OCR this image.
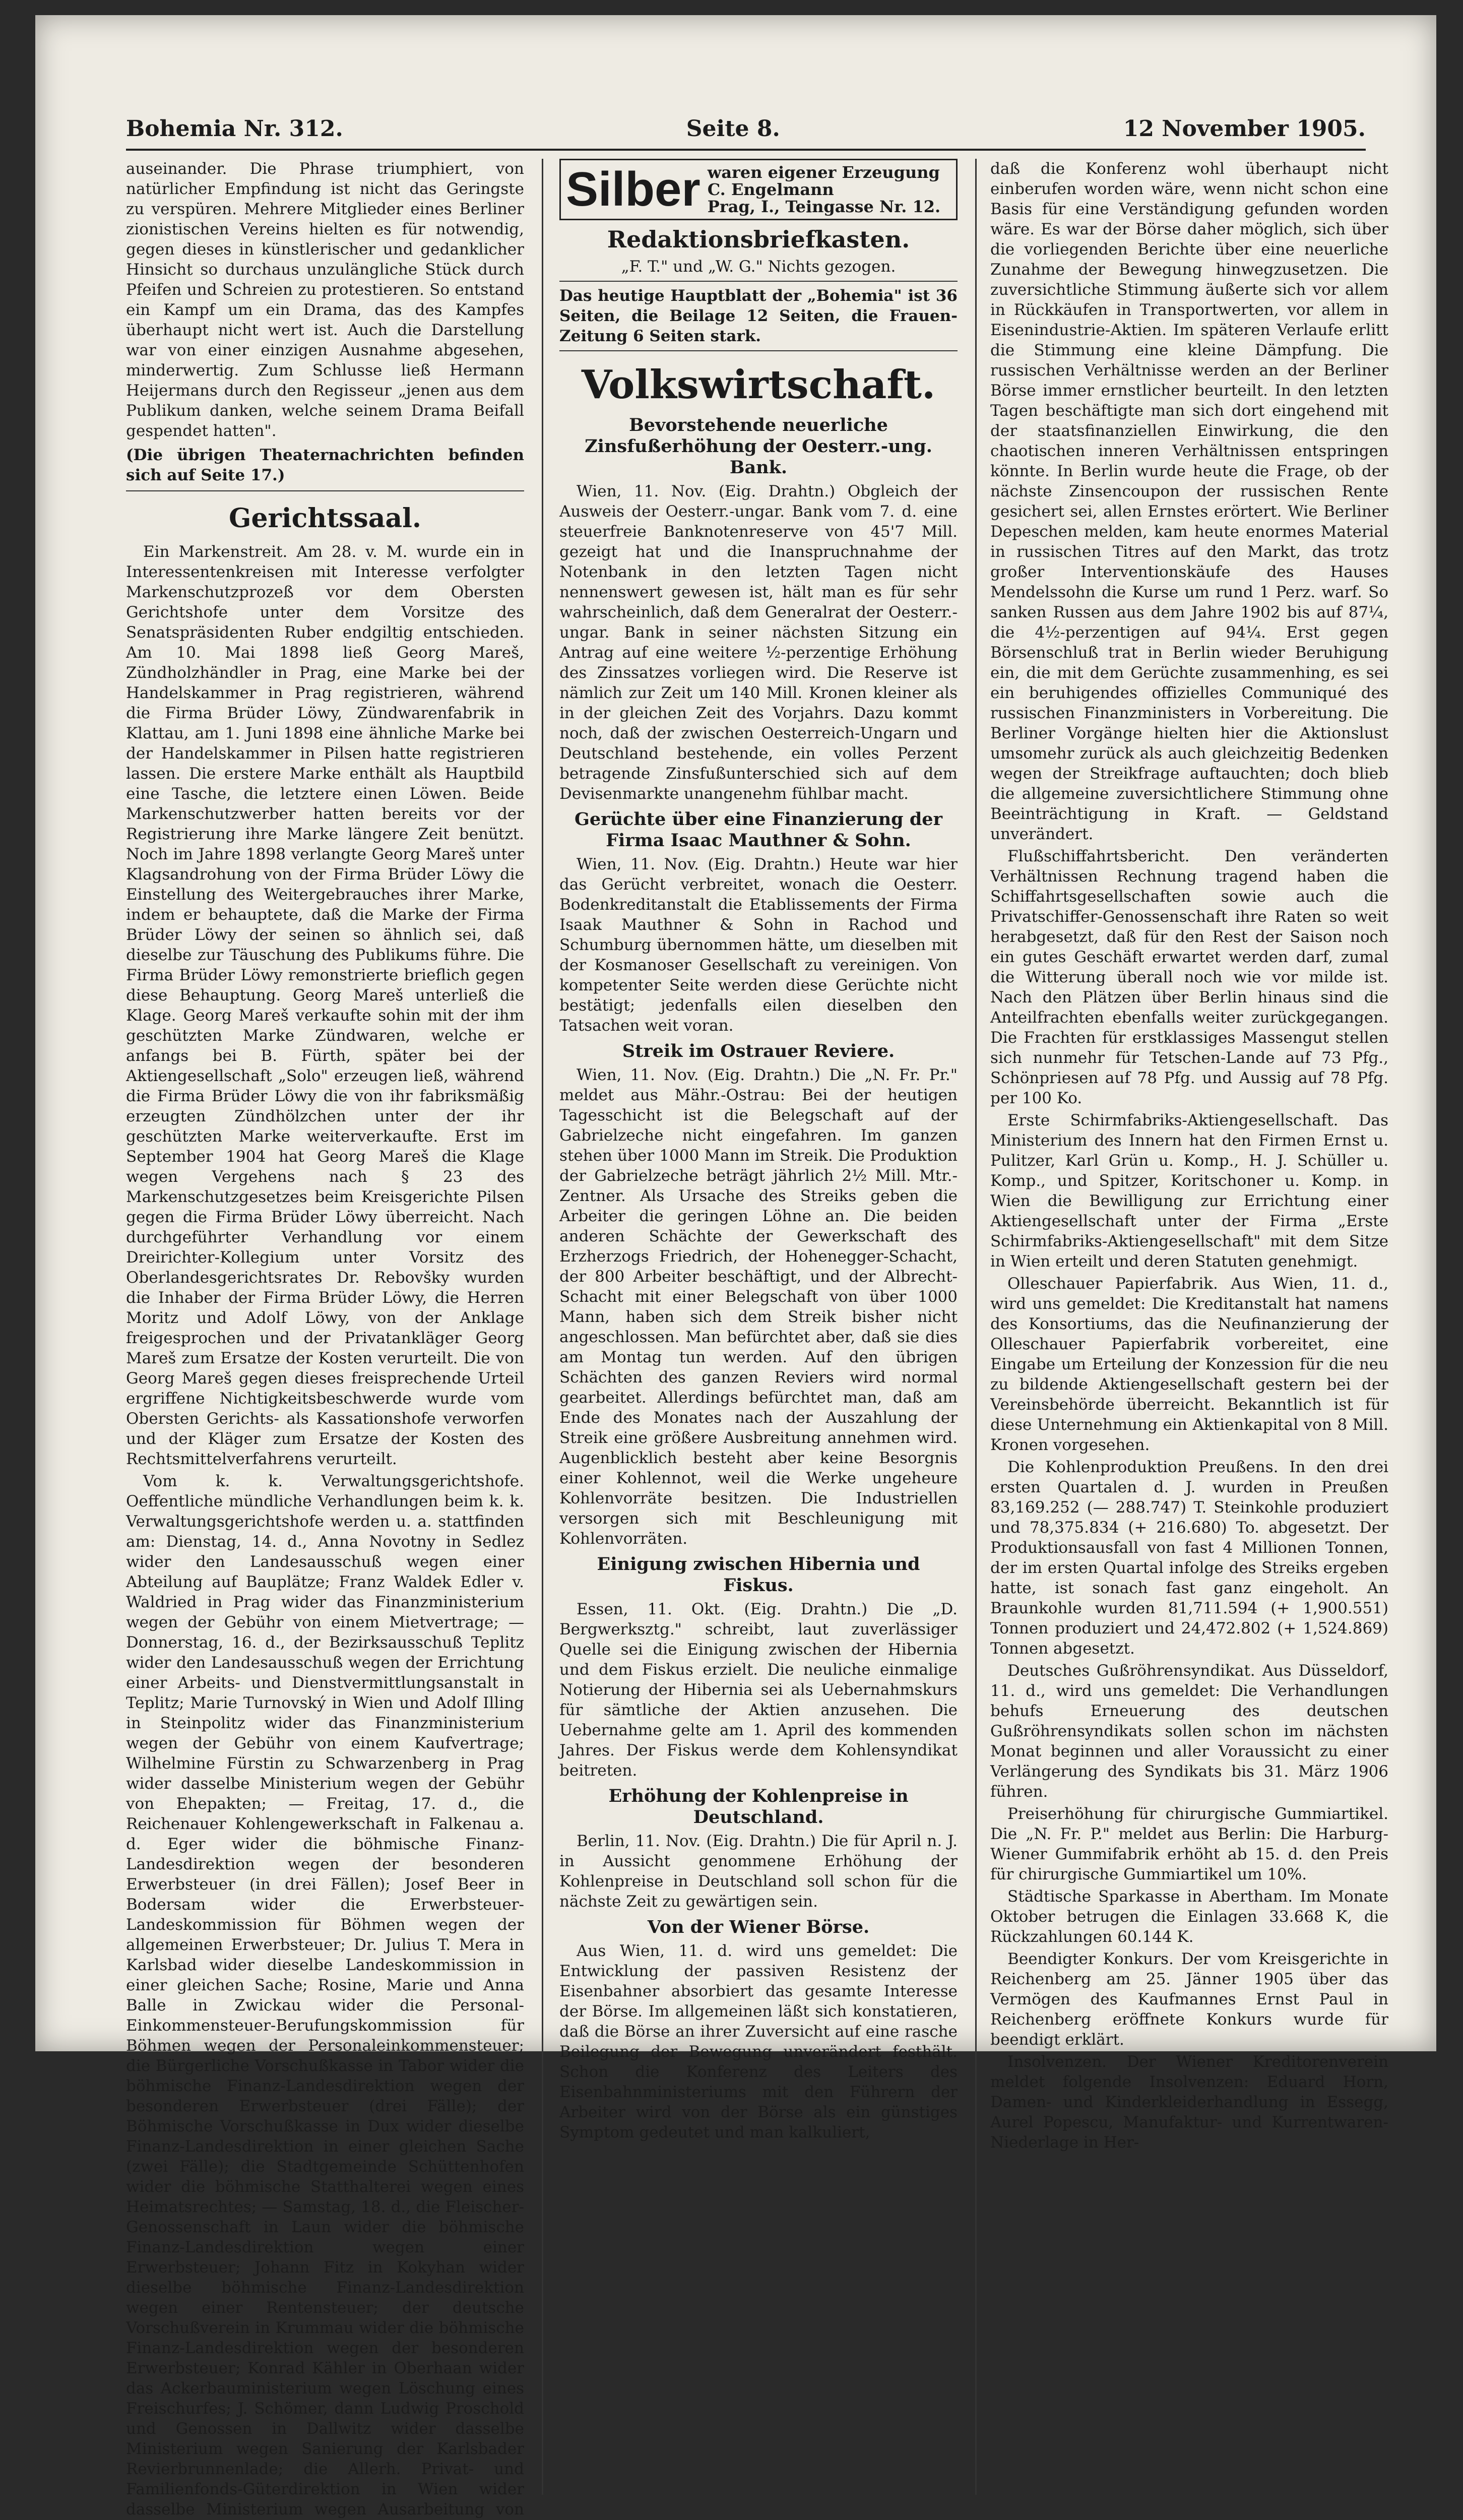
Bohemia Nr. 312.	Seite 8.	12 November 1905.

auseinander. Die Phrase triumphiert, von natürlicher Empfindung ist nicht das Geringste zu verspüren. Mehrere Mitglieder eines Berliner zionistischen Vereins hielten es für notwendig, gegen dieses in künstlerischer und gedanklicher Hinsicht so durchaus unzulängliche Stück durch Pfeifen und Schreien zu protestieren. So entstand ein Kampf um ein Drama, das des Kampfes überhaupt nicht wert ist. Auch die Darstellung war von einer einzigen Ausnahme abgesehen, minderwertig. Zum Schlusse ließ Hermann Heijermans durch den Regisseur „jenen aus dem Publikum danken, welche seinem Drama Beifall gespendet hatten".

(Die übrigen Theaternachrichten befinden sich auf Seite 17.)

Gerichtssaal.

Ein Markenstreit. Am 28. v. M. wurde ein in Interessentenkreisen mit Interesse verfolgter Markenschutzprozeß vor dem Obersten Gerichtshofe unter dem Vorsitze des Senatspräsidenten Ruber endgiltig entschieden. Am 10. Mai 1898 ließ Georg Mareš, Zündholzhändler in Prag, eine Marke bei der Handelskammer in Prag registrieren, während die Firma Brüder Löwy, Zündwarenfabrik in Klattau, am 1. Juni 1898 eine ähnliche Marke bei der Handelskammer in Pilsen hatte registrieren lassen. Die erstere Marke enthält als Hauptbild eine Tasche, die letztere einen Löwen. Beide Markenschutzwerber hatten bereits vor der Registrierung ihre Marke längere Zeit benützt. Noch im Jahre 1898 verlangte Georg Mareš unter Klagsandrohung von der Firma Brüder Löwy die Einstellung des Weitergebrauches ihrer Marke, indem er behauptete, daß die Marke der Firma Brüder Löwy der seinen so ähnlich sei, daß dieselbe zur Täuschung des Publikums führe. Die Firma Brüder Löwy remonstrierte brieflich gegen diese Behauptung. Georg Mareš unterließ die Klage. Georg Mareš verkaufte sohin mit der ihm geschützten Marke Zündwaren, welche er anfangs bei B. Fürth, später bei der Aktiengesellschaft „Solo" erzeugen ließ, während die Firma Brüder Löwy die von ihr fabriksmäßig erzeugten Zündhölzchen unter der ihr geschützten Marke weiterverkaufte. Erst im September 1904 hat Georg Mareš die Klage wegen Vergehens nach § 23 des Markenschutzgesetzes beim Kreisgerichte Pilsen gegen die Firma Brüder Löwy überreicht. Nach durchgeführter Verhandlung vor einem Dreirichter-Kollegium unter Vorsitz des Oberlandesgerichtsrates Dr. Rebovšky wurden die Inhaber der Firma Brüder Löwy, die Herren Moritz und Adolf Löwy, von der Anklage freigesprochen und der Privatankläger Georg Mareš zum Ersatze der Kosten verurteilt. Die von Georg Mareš gegen dieses freisprechende Urteil ergriffene Nichtigkeitsbeschwerde wurde vom Obersten Gerichts- als Kassationshofe verworfen und der Kläger zum Ersatze der Kosten des Rechtsmittelverfahrens verurteilt.

Vom k. k. Verwaltungsgerichtshofe. Oeffentliche mündliche Verhandlungen beim k. k. Verwaltungsgerichtshofe werden u. a. stattfinden am: Dienstag, 14. d., Anna Novotny in Sedlez wider den Landesausschuß wegen einer Abteilung auf Bauplätze; Franz Waldek Edler v. Waldried in Prag wider das Finanzministerium wegen der Gebühr von einem Mietvertrage; — Donnerstag, 16. d., der Bezirksausschuß Teplitz wider den Landesausschuß wegen der Errichtung einer Arbeits- und Dienstvermittlungsanstalt in Teplitz; Marie Turnovský in Wien und Adolf Illing in Steinpolitz wider das Finanzministerium wegen der Gebühr von einem Kaufvertrage; Wilhelmine Fürstin zu Schwarzenberg in Prag wider dasselbe Ministerium wegen der Gebühr von Ehepakten; — Freitag, 17. d., die Reichenauer Kohlengewerkschaft in Falkenau a. d. Eger wider die böhmische Finanz-Landesdirektion wegen der besonderen Erwerbsteuer (in drei Fällen); Josef Beer in Bodersam wider die Erwerbsteuer-Landeskommission für Böhmen wegen der allgemeinen Erwerbsteuer; Dr. Julius T. Mera in Karlsbad wider dieselbe Landeskommission in einer gleichen Sache; Rosine, Marie und Anna Balle in Zwickau wider die Personal-Einkommensteuer-Berufungskommission für Böhmen wegen der Personaleinkommensteuer; die Bürgerliche Vorschußkasse in Tabor wider die böhmische Finanz-Landesdirektion wegen der besonderen Erwerbsteuer (drei Fälle); der Böhmische Vorschußkasse in Dux wider dieselbe Finanz-Landesdirektion in einer gleichen Sache (zwei Fälle); die Stadtgemeinde Schüttenhofen wider die böhmische Statthalterei wegen eines Heimatsrechtes; — Samstag, 18. d., die Fleischer-Genossenschaft in Laun wider die böhmische Finanz-Landesdirektion wegen einer Erwerbsteuer; Johann Fitz in Kokyhan wider dieselbe böhmische Finanz-Landesdirektion wegen einer Rentensteuer; der deutsche Vorschußverein in Krummau wider die böhmische Finanz-Landesdirektion wegen der besonderen Erwerbsteuer; Konrad Kähler in Oberhaan wider das Ackerbauministerium wegen Löschung eines Freischurfes; J. Schömer, dann Ludwig Proschold und Genossen in Dallwitz wider dasselbe Ministerium wegen Sanierung der Karlsbader Revierbrunnenlade; die Allerh. Privat- und Familienfonds-Güterdirektion in Wien wider dasselbe Ministerium wegen Ausarbeitung von

Silber waren eigener Erzeugung
C. Engelmann
Prag, I., Teingasse Nr. 12.
Redaktionsbriefkasten.

„F. T." und „W. G." Nichts gezogen.

Das heutige Hauptblatt der „Bohemia" ist 36 Seiten, die Beilage 12 Seiten, die Frauen-Zeitung 6 Seiten stark.

Volkswirtschaft.
Bevorstehende neuerliche Zinsfußerhöhung der Oesterr.-ung. Bank.

Wien, 11. Nov. (Eig. Drahtn.) Obgleich der Ausweis der Oesterr.-ungar. Bank vom 7. d. eine steuerfreie Banknotenreserve von 45'7 Mill. gezeigt hat und die Inanspruchnahme der Notenbank in den letzten Tagen nicht nennenswert gewesen ist, hält man es für sehr wahrscheinlich, daß dem Generalrat der Oesterr.-ungar. Bank in seiner nächsten Sitzung ein Antrag auf eine weitere ½-perzentige Erhöhung des Zinssatzes vorliegen wird. Die Reserve ist nämlich zur Zeit um 140 Mill. Kronen kleiner als in der gleichen Zeit des Vorjahrs. Dazu kommt noch, daß der zwischen Oesterreich-Ungarn und Deutschland bestehende, ein volles Perzent betragende Zinsfußunterschied sich auf dem Devisenmarkte unangenehm fühlbar macht.

Gerüchte über eine Finanzierung der Firma Isaac Mauthner & Sohn.

Wien, 11. Nov. (Eig. Drahtn.) Heute war hier das Gerücht verbreitet, wonach die Oesterr. Bodenkreditanstalt die Etablissements der Firma Isaak Mauthner & Sohn in Rachod und Schumburg übernommen hätte, um dieselben mit der Kosmanoser Gesellschaft zu vereinigen. Von kompetenter Seite werden diese Gerüchte nicht bestätigt; jedenfalls eilen dieselben den Tatsachen weit voran.

Streik im Ostrauer Reviere.

Wien, 11. Nov. (Eig. Drahtn.) Die „N. Fr. Pr." meldet aus Mähr.-Ostrau: Bei der heutigen Tagesschicht ist die Belegschaft auf der Gabrielzeche nicht eingefahren. Im ganzen stehen über 1000 Mann im Streik. Die Produktion der Gabrielzeche beträgt jährlich 2½ Mill. Mtr.-Zentner. Als Ursache des Streiks geben die Arbeiter die geringen Löhne an. Die beiden anderen Schächte der Gewerkschaft des Erzherzogs Friedrich, der Hohenegger-Schacht, der 800 Arbeiter beschäftigt, und der Albrecht-Schacht mit einer Belegschaft von über 1000 Mann, haben sich dem Streik bisher nicht angeschlossen. Man befürchtet aber, daß sie dies am Montag tun werden. Auf den übrigen Schächten des ganzen Reviers wird normal gearbeitet. Allerdings befürchtet man, daß am Ende des Monates nach der Auszahlung der Streik eine größere Ausbreitung annehmen wird. Augenblicklich besteht aber keine Besorgnis einer Kohlennot, weil die Werke ungeheure Kohlenvorräte besitzen. Die Industriellen versorgen sich mit Beschleunigung mit Kohlenvorräten.

Einigung zwischen Hibernia und Fiskus.

Essen, 11. Okt. (Eig. Drahtn.) Die „D. Bergwerksztg." schreibt, laut zuverlässiger Quelle sei die Einigung zwischen der Hibernia und dem Fiskus erzielt. Die neuliche einmalige Notierung der Hibernia sei als Uebernahmskurs für sämtliche der Aktien anzusehen. Die Uebernahme gelte am 1. April des kommenden Jahres. Der Fiskus werde dem Kohlensyndikat beitreten.

Erhöhung der Kohlenpreise in Deutschland.

Berlin, 11. Nov. (Eig. Drahtn.) Die für April n. J. in Aussicht genommene Erhöhung der Kohlenpreise in Deutschland soll schon für die nächste Zeit zu gewärtigen sein.

Von der Wiener Börse.

Aus Wien, 11. d. wird uns gemeldet: Die Entwicklung der passiven Resistenz der Eisenbahner absorbiert das gesamte Interesse der Börse. Im allgemeinen läßt sich konstatieren, daß die Börse an ihrer Zuversicht auf eine rasche Beilegung der Bewegung unverändert festhält. Schon die Konferenz des Leiters des Eisenbahnministeriums mit den Führern der Arbeiter wird von der Börse als ein günstiges Symptom gedeutet und man kalkuliert,

daß die Konferenz wohl überhaupt nicht einberufen worden wäre, wenn nicht schon eine Basis für eine Verständigung gefunden worden wäre. Es war der Börse daher möglich, sich über die vorliegenden Berichte über eine neuerliche Zunahme der Bewegung hinwegzusetzen. Die zuversichtliche Stimmung äußerte sich vor allem in Rückkäufen in Transportwerten, vor allem in Eisenindustrie-Aktien. Im späteren Verlaufe erlitt die Stimmung eine kleine Dämpfung. Die russischen Verhältnisse werden an der Berliner Börse immer ernstlicher beurteilt. In den letzten Tagen beschäftigte man sich dort eingehend mit der staatsfinanziellen Einwirkung, die den chaotischen inneren Verhältnissen entspringen könnte. In Berlin wurde heute die Frage, ob der nächste Zinsencoupon der russischen Rente gesichert sei, allen Ernstes erörtert. Wie Berliner Depeschen melden, kam heute enormes Material in russischen Titres auf den Markt, das trotz großer Interventionskäufe des Hauses Mendelssohn die Kurse um rund 1 Perz. warf. So sanken Russen aus dem Jahre 1902 bis auf 87¼, die 4½-perzentigen auf 94¼. Erst gegen Börsenschluß trat in Berlin wieder Beruhigung ein, die mit dem Gerüchte zusammenhing, es sei ein beruhigendes offizielles Communiqué des russischen Finanzministers in Vorbereitung. Die Berliner Vorgänge hielten hier die Aktionslust umsomehr zurück als auch gleichzeitig Bedenken wegen der Streikfrage auftauchten; doch blieb die allgemeine zuversichtlichere Stimmung ohne Beeinträchtigung in Kraft. — Geldstand unverändert.

Flußschiffahrtsbericht. Den veränderten Verhältnissen Rechnung tragend haben die Schiffahrtsgesellschaften sowie auch die Privatschiffer-Genossenschaft ihre Raten so weit herabgesetzt, daß für den Rest der Saison noch ein gutes Geschäft erwartet werden darf, zumal die Witterung überall noch wie vor milde ist. Nach den Plätzen über Berlin hinaus sind die Anteilfrachten ebenfalls weiter zurückgegangen. Die Frachten für erstklassiges Massengut stellen sich nunmehr für Tetschen-Lande auf 73 Pfg., Schönpriesen auf 78 Pfg. und Aussig auf 78 Pfg. per 100 Ko.

Erste Schirmfabriks-Aktiengesellschaft. Das Ministerium des Innern hat den Firmen Ernst u. Pulitzer, Karl Grün u. Komp., H. J. Schüller u. Komp., und Spitzer, Koritschoner u. Komp. in Wien die Bewilligung zur Errichtung einer Aktiengesellschaft unter der Firma „Erste Schirmfabriks-Aktiengesellschaft" mit dem Sitze in Wien erteilt und deren Statuten genehmigt.

Olleschauer Papierfabrik. Aus Wien, 11. d., wird uns gemeldet: Die Kreditanstalt hat namens des Konsortiums, das die Neufinanzierung der Olleschauer Papierfabrik vorbereitet, eine Eingabe um Erteilung der Konzession für die neu zu bildende Aktiengesellschaft gestern bei der Vereinsbehörde überreicht. Bekanntlich ist für diese Unternehmung ein Aktienkapital von 8 Mill. Kronen vorgesehen.

Die Kohlenproduktion Preußens. In den drei ersten Quartalen d. J. wurden in Preußen 83,169.252 (— 288.747) T. Steinkohle produziert und 78,375.834 (+ 216.680) To. abgesetzt. Der Produktionsausfall von fast 4 Millionen Tonnen, der im ersten Quartal infolge des Streiks ergeben hatte, ist sonach fast ganz eingeholt. An Braunkohle wurden 81,711.594 (+ 1,900.551) Tonnen produziert und 24,472.802 (+ 1,524.869) Tonnen abgesetzt.

Deutsches Gußröhrensyndikat. Aus Düsseldorf, 11. d., wird uns gemeldet: Die Verhandlungen behufs Erneuerung des deutschen Gußröhrensyndikats sollen schon im nächsten Monat beginnen und aller Voraussicht zu einer Verlängerung des Syndikats bis 31. März 1906 führen.

Preiserhöhung für chirurgische Gummiartikel. Die „N. Fr. P." meldet aus Berlin: Die Harburg-Wiener Gummifabrik erhöht ab 15. d. den Preis für chirurgische Gummiartikel um 10%.

Städtische Sparkasse in Abertham. Im Monate Oktober betrugen die Einlagen 33.668 K, die Rückzahlungen 60.144 K.

Beendigter Konkurs. Der vom Kreisgerichte in Reichenberg am 25. Jänner 1905 über das Vermögen des Kaufmannes Ernst Paul in Reichenberg eröffnete Konkurs wurde für beendigt erklärt.

Insolvenzen. Der Wiener Kreditorenverein meldet folgende Insolvenzen: Eduard Horn, Damen- und Kinderkleiderhandlung in Essegg, Aurel Popescu, Manufaktur- und Kurrentwaren-Niederlage in Her-
